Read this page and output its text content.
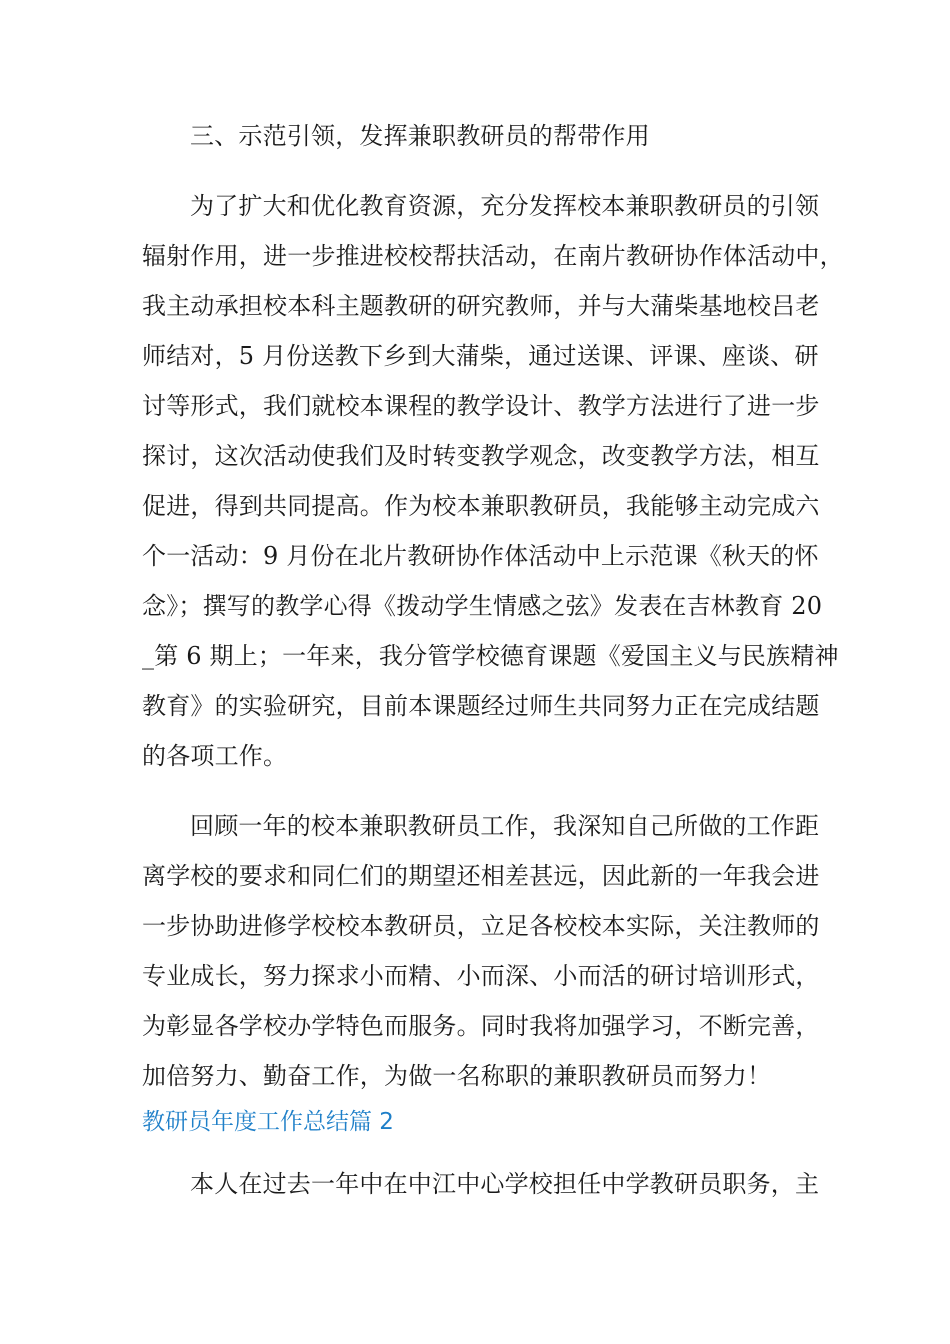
三、示范引领，发挥兼职教研员的帮带作用
为了扩大和优化教育资源，充分发挥校本兼职教研员的引领
辐射作用，进一步推进校校帮扶活动，在南片教研协作体活动中，
我主动承担校本科主题教研的研究教师，并与大蒲柴基地校吕老
师结对，5 月份送教下乡到大蒲柴，通过送课、评课、座谈、研
讨等形式，我们就校本课程的教学设计、教学方法进行了进一步
探讨，这次活动使我们及时转变教学观念，改变教学方法，相互
促进，得到共同提高。作为校本兼职教研员，我能够主动完成六
个一活动：9 月份在北片教研协作体活动中上示范课《秋天的怀
念》；撰写的教学心得《拨动学生情感之弦》发表在吉林教育 20
_第 6 期上；一年来，我分管学校德育课题《爱国主义与民族精神
教育》的实验研究，目前本课题经过师生共同努力正在完成结题
的各项工作。
回顾一年的校本兼职教研员工作，我深知自己所做的工作距
离学校的要求和同仁们的期望还相差甚远，因此新的一年我会进
一步协助进修学校校本教研员，立足各校校本实际，关注教师的
专业成长，努力探求小而精、小而深、小而活的研讨培训形式，
为彰显各学校办学特色而服务。同时我将加强学习，不断完善，
加倍努力、勤奋工作，为做一名称职的兼职教研员而努力！
教研员年度工作总结篇 2
本人在过去一年中在中江中心学校担任中学教研员职务，主
